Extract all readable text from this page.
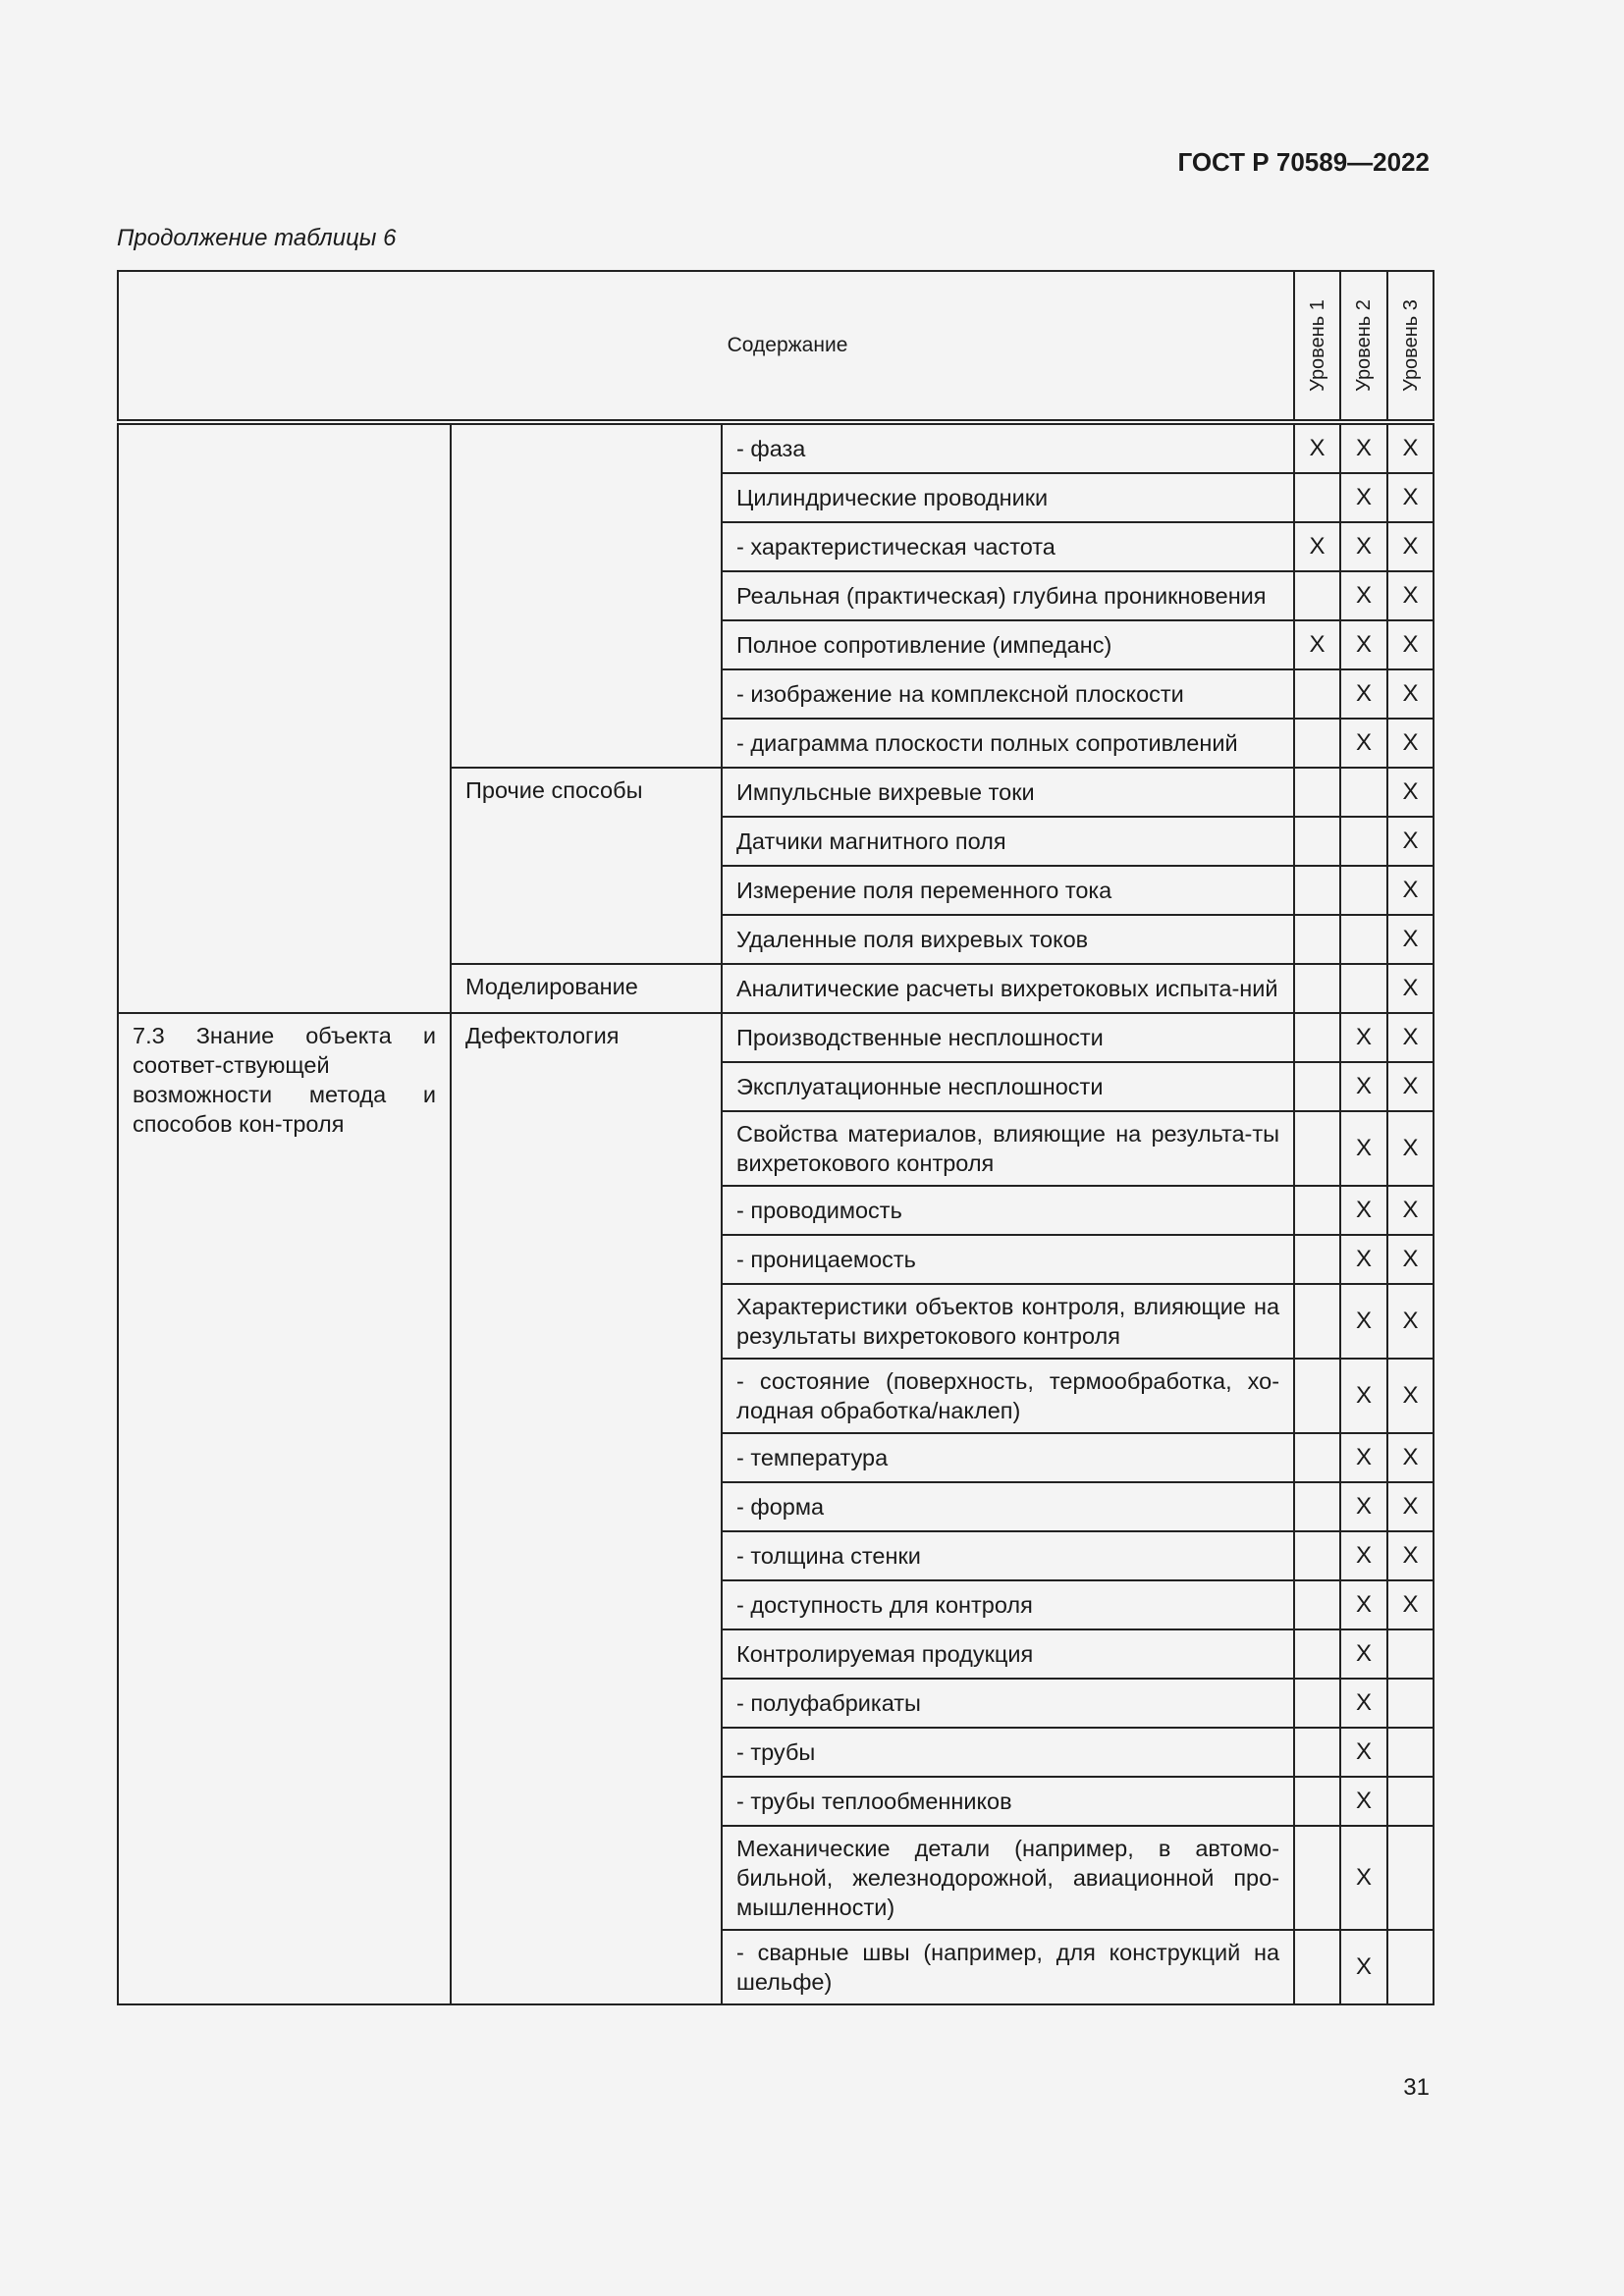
ГОСТ Р 70589—2022
Продолжение таблицы 6
Содержание			Уровень 1	Уровень 2	Уровень 3

		- фаза	X	X	X
		Цилиндрические проводники		X	X
		- характеристическая частота	X	X	X
		Реальная (практическая) глубина проникновения		X	X
		Полное сопротивление (импеданс)	X	X	X
		- изображение на комплексной плоскости		X	X
		- диаграмма плоскости полных сопротивлений		X	X
	Прочие способы	Импульсные вихревые токи			X
		Датчики магнитного поля			X
		Измерение поля переменного тока			X
		Удаленные поля вихревых токов			X
	Моделирование	Аналитические расчеты вихретоковых испыта-ний			X
7.3 Знание объекта и соответ-ствующей возможности метода и способов кон-троля	Дефектология	Производственные несплошности		X	X
		Эксплуатационные несплошности		X	X
		Свойства материалов, влияющие на результа-ты вихретокового контроля		X	X
		- проводимость		X	X
		- проницаемость		X	X
		Характеристики объектов контроля, влияющие на результаты вихретокового контроля		X	X
		- состояние (поверхность, термообработка, хо-лодная обработка/наклеп)		X	X
		- температура		X	X
		- форма		X	X
		- толщина стенки		X	X
		- доступность для контроля		X	X
		Контролируемая продукция		X	
		- полуфабрикаты		X	
		- трубы		X	
		- трубы теплообменников		X	
		Механические детали (например, в автомо-бильной, железнодорожной, авиационной про-мышленности)		X	
		- сварные швы (например, для конструкций на шельфе)		X	
31
